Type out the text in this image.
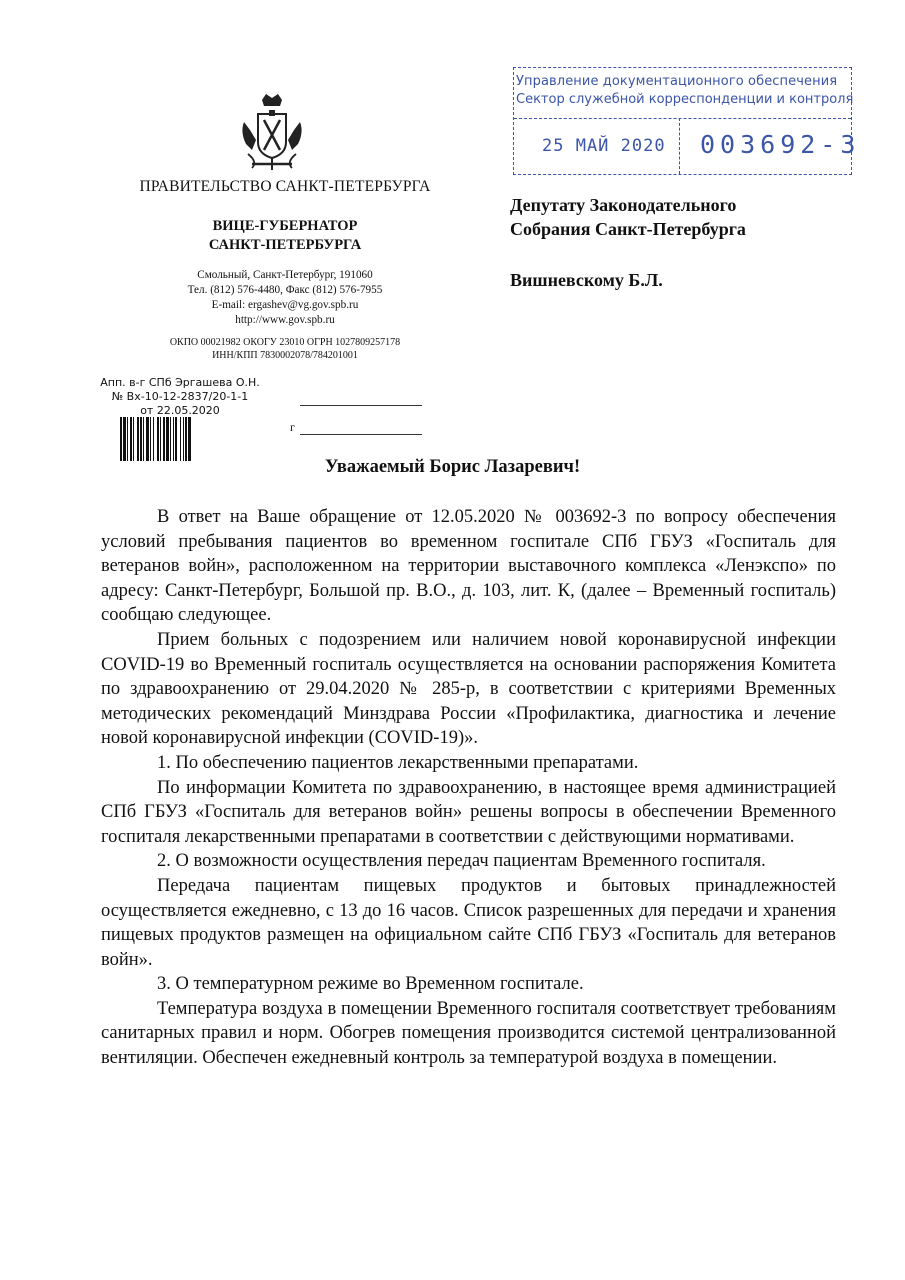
ПРАВИТЕЛЬСТВО САНКТ-ПЕТЕРБУРГА
ВИЦЕ-ГУБЕРНАТОР
САНКТ-ПЕТЕРБУРГА
Смольный, Санкт-Петербург, 191060
Тел. (812) 576-4480, Факс (812) 576-7955
E-mail: ergashev@vg.gov.spb.ru
http://www.gov.spb.ru
ОКПО 00021982 ОКОГУ 23010 ОГРН 1027809257178
ИНН/КПП 7830002078/784201001
Управление документационного обеспечения
Сектор служебной корреспонденции и контроля
25 МАЙ 2020 003692-3
Депутату Законодательного
Собрания Санкт-Петербурга
Вишневскому Б.Л.
Апп. в-г СПб Эргашева О.Н.
№ Вх-10-12-2837/20-1-1
от 22.05.2020
г
Уважаемый Борис Лазаревич!

В ответ на Ваше обращение от 12.05.2020 № 003692-3 по вопросу обеспечения условий пребывания пациентов во временном госпитале СПб ГБУЗ «Госпиталь для ветеранов войн», расположенном на территории выставочного комплекса «Ленэкспо» по адресу: Санкт-Петербург, Большой пр. В.О., д. 103, лит. К, (далее – Временный госпиталь) сообщаю следующее.

Прием больных с подозрением или наличием новой коронавирусной инфекции COVID-19 во Временный госпиталь осуществляется на основании распоряжения Комитета по здравоохранению от 29.04.2020 № 285-р, в соответствии с критериями Временных методических рекомендаций Минздрава России «Профилактика, диагностика и лечение новой коронавирусной инфекции (COVID-19)».

1. По обеспечению пациентов лекарственными препаратами.

По информации Комитета по здравоохранению, в настоящее время администрацией СПб ГБУЗ «Госпиталь для ветеранов войн» решены вопросы в обеспечении Временного госпиталя лекарственными препаратами в соответствии с действующими нормативами.

2. О возможности осуществления передач пациентам Временного госпиталя.

Передача пациентам пищевых продуктов и бытовых принадлежностей осуществляется ежедневно, с 13 до 16 часов. Список разрешенных для передачи и хранения пищевых продуктов размещен на официальном сайте СПб ГБУЗ «Госпиталь для ветеранов войн».

3. О температурном режиме во Временном госпитале.

Температура воздуха в помещении Временного госпиталя соответствует требованиям санитарных правил и норм. Обогрев помещения производится системой централизованной вентиляции. Обеспечен ежедневный контроль за температурой воздуха в помещении.
